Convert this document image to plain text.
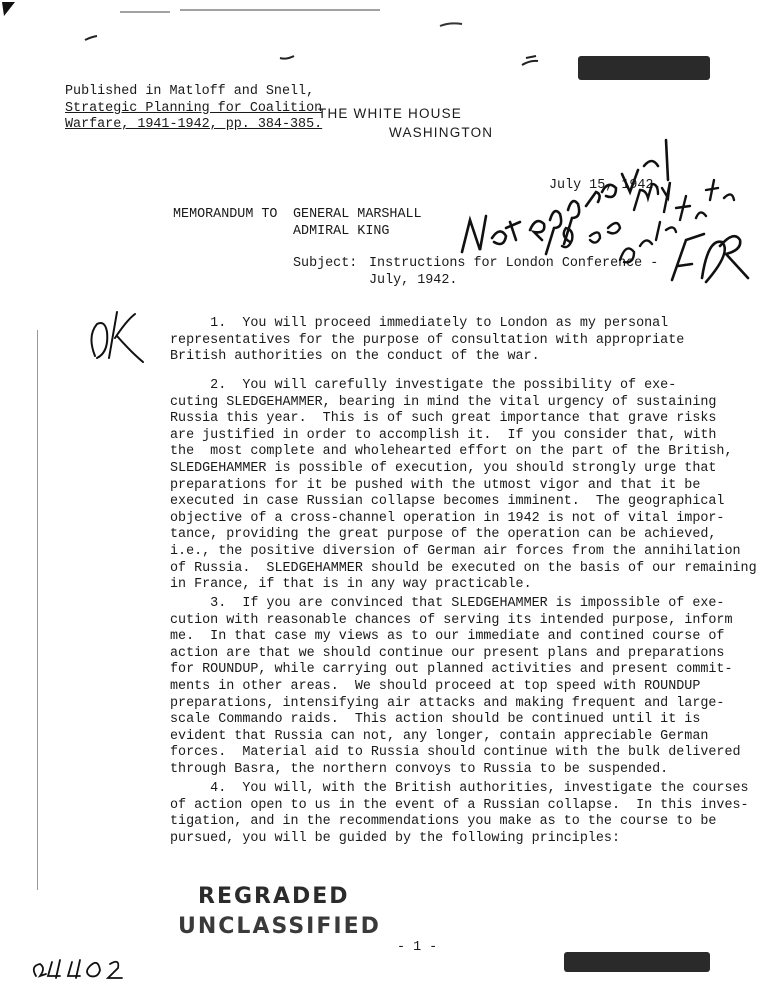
Published in Matloff and Snell,
Strategic Planning for Coalition
Warfare, 1941-1942, pp. 384-385.
THE WHITE HOUSE
WASHINGTON
July 15, 1942.
MEMORANDUM TO GENERAL MARSHALL
ADMIRAL KING
Subject: Instructions for London Conference -
July, 1942.
1.  You will proceed immediately to London as my personal
representatives for the purpose of consultation with appropriate
British authorities on the conduct of the war.
2.  You will carefully investigate the possibility of exe-
cuting SLEDGEHAMMER, bearing in mind the vital urgency of sustaining
Russia this year.  This is of such great importance that grave risks
are justified in order to accomplish it.  If you consider that, with
the  most complete and wholehearted effort on the part of the British,
SLEDGEHAMMER is possible of execution, you should strongly urge that
preparations for it be pushed with the utmost vigor and that it be
executed in case Russian collapse becomes imminent.  The geographical
objective of a cross-channel operation in 1942 is not of vital impor-
tance, providing the great purpose of the operation can be achieved,
i.e., the positive diversion of German air forces from the annihilation
of Russia.  SLEDGEHAMMER should be executed on the basis of our remaining
in France, if that is in any way practicable.
3.  If you are convinced that SLEDGEHAMMER is impossible of exe-
cution with reasonable chances of serving its intended purpose, inform
me.  In that case my views as to our immediate and contined course of
action are that we should continue our present plans and preparations
for ROUNDUP, while carrying out planned activities and present commit-
ments in other areas.  We should proceed at top speed with ROUNDUP
preparations, intensifying air attacks and making frequent and large-
scale Commando raids.  This action should be continued until it is
evident that Russia can not, any longer, contain appreciable German
forces.  Material aid to Russia should continue with the bulk delivered
through Basra, the northern convoys to Russia to be suspended.
4.  You will, with the British authorities, investigate the courses
of action open to us in the event of a Russian collapse.  In this inves-
tigation, and in the recommendations you make as to the course to be
pursued, you will be guided by the following principles:
REGRADED
UNCLASSIFIED
- 1 -
